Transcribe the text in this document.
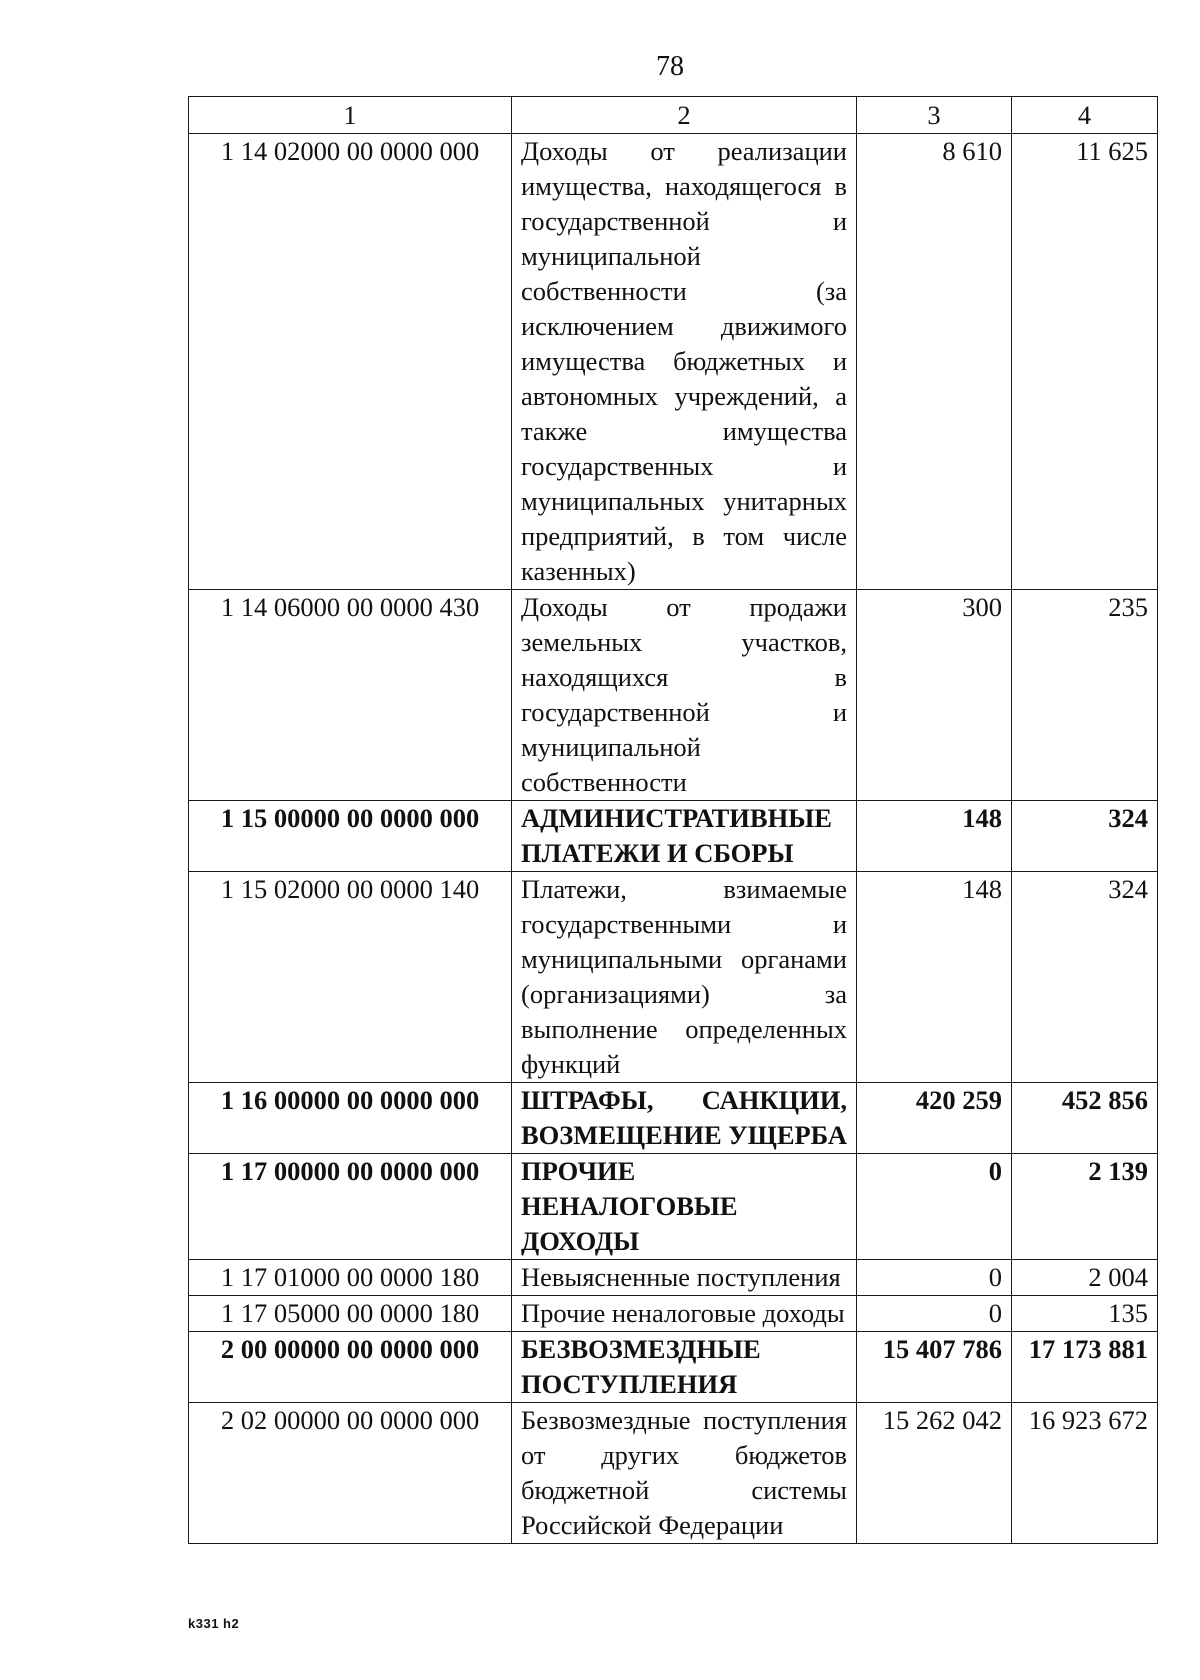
78
1	2	3	4
1 14 02000 00 0000 000	Доходы от реализации имущества, находящегося в государственной и муниципальной собственности (за исключением движимого имущества бюджетных и автономных учреждений, а также имущества государственных и муниципальных унитарных предприятий, в том числе казенных)	8 610	11 625
1 14 06000 00 0000 430	Доходы от продажи земельных участков, находящихся в государственной и муниципальной собственности	300	235
1 15 00000 00 0000 000	АДМИНИСТРАТИВНЫЕ ПЛАТЕЖИ И СБОРЫ	148	324
1 15 02000 00 0000 140	Платежи, взимаемые государственными и муниципальными органами (организациями) за выполнение определенных функций	148	324
1 16 00000 00 0000 000	ШТРАФЫ, САНКЦИИ, ВОЗМЕЩЕНИЕ УЩЕРБА	420 259	452 856
1 17 00000 00 0000 000	ПРОЧИЕ НЕНАЛОГОВЫЕ ДОХОДЫ	0	2 139
1 17 01000 00 0000 180	Невыясненные поступления	0	2 004
1 17 05000 00 0000 180	Прочие неналоговые доходы	0	135
2 00 00000 00 0000 000	БЕЗВОЗМЕЗДНЫЕ ПОСТУПЛЕНИЯ	15 407 786	17 173 881
2 02 00000 00 0000 000	Безвозмездные поступления от других бюджетов бюджетной системы Российской Федерации	15 262 042	16 923 672
k331 h2
